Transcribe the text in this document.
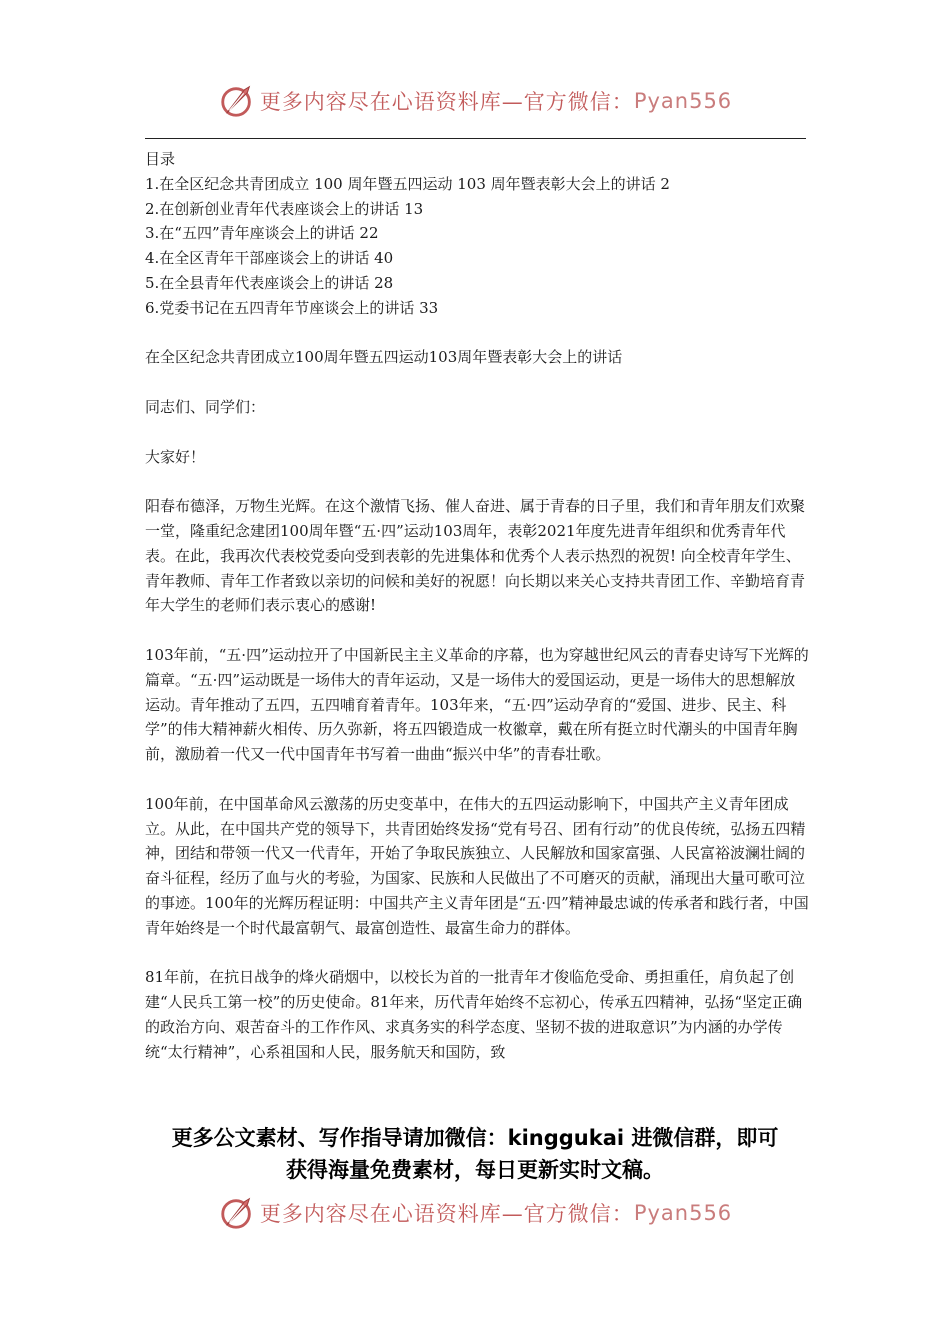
更多内容尽在心语资料库—官方微信： Pyan556

目录

1.在全区纪念共青团成立 100 周年暨五四运动 103 周年暨表彰大会上的讲话 2

2.在创新创业青年代表座谈会上的讲话 13

3.在“五四”青年座谈会上的讲话 22

4.在全区青年干部座谈会上的讲话 40

5.在全县青年代表座谈会上的讲话 28

6.党委书记在五四青年节座谈会上的讲话 33

在全区纪念共青团成立100周年暨五四运动103周年暨表彰大会上的讲话

同志们、同学们：

大家好！

阳春布德泽，万物生光辉。在这个激情飞扬、催人奋进、属于青春的日子里，我们和青年朋友们欢聚一堂，隆重纪念建团100周年暨“五·四”运动103周年，表彰2021年度先进青年组织和优秀青年代表。在此，我再次代表校党委向受到表彰的先进集体和优秀个人表示热烈的祝贺! 向全校青年学生、青年教师、青年工作者致以亲切的问候和美好的祝愿！向长期以来关心支持共青团工作、辛勤培育青年大学生的老师们表示衷心的感谢!

103年前，“五·四”运动拉开了中国新民主主义革命的序幕，也为穿越世纪风云的青春史诗写下光辉的篇章。“五·四”运动既是一场伟大的青年运动，又是一场伟大的爱国运动，更是一场伟大的思想解放运动。青年推动了五四，五四哺育着青年。103年来，“五·四”运动孕育的“爱国、进步、民主、科学”的伟大精神薪火相传、历久弥新，将五四锻造成一枚徽章，戴在所有挺立时代潮头的中国青年胸前，激励着一代又一代中国青年书写着一曲曲“振兴中华”的青春壮歌。

100年前，在中国革命风云激荡的历史变革中，在伟大的五四运动影响下，中国共产主义青年团成立。从此，在中国共产党的领导下，共青团始终发扬“党有号召、团有行动”的优良传统，弘扬五四精神，团结和带领一代又一代青年，开始了争取民族独立、人民解放和国家富强、人民富裕波澜壮阔的奋斗征程，经历了血与火的考验，为国家、民族和人民做出了不可磨灭的贡献，涌现出大量可歌可泣的事迹。100年的光辉历程证明：中国共产主义青年团是“五·四”精神最忠诚的传承者和践行者，中国青年始终是一个时代最富朝气、最富创造性、最富生命力的群体。

81年前，在抗日战争的烽火硝烟中，以校长为首的一批青年才俊临危受命、勇担重任，肩负起了创建“人民兵工第一校”的历史使命。81年来，历代青年始终不忘初心，传承五四精神，弘扬“坚定正确的政治方向、艰苦奋斗的工作作风、求真务实的科学态度、坚韧不拔的进取意识”为内涵的办学传统“太行精神”，心系祖国和人民，服务航天和国防，致

更多公文素材、写作指导请加微信：kinggukai 进微信群，即可
获得海量免费素材，每日更新实时文稿。
更多内容尽在心语资料库—官方微信： Pyan556
